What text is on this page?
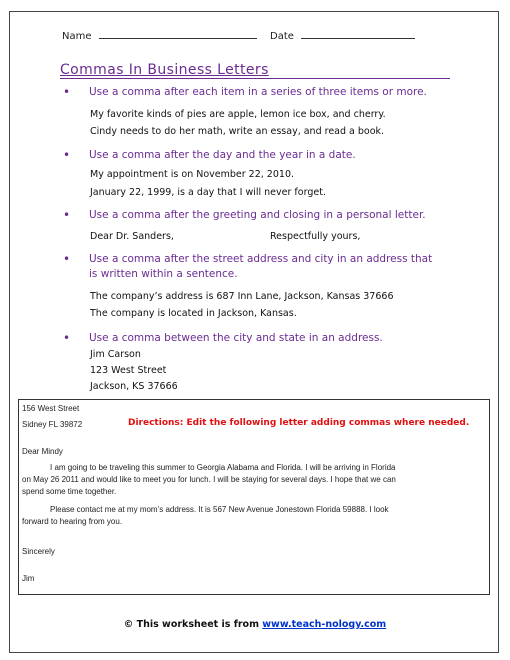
Name	Date
Commas In Business Letters
• Use a comma after each item in a series of three items or more.
My favorite kinds of pies are apple, lemon ice box, and cherry.
Cindy needs to do her math, write an essay, and read a book.
• Use a comma after the day and the year in a date.
My appointment is on November 22, 2010.
January 22, 1999, is a day that I will never forget.
• Use a comma after the greeting and closing in a personal letter.
Dear Dr. Sanders,	Respectfully yours,
• Use a comma after the street address and city in an address that
is written within a sentence.
The company’s address is 687 Inn Lane, Jackson, Kansas 37666
The company is located in Jackson, Kansas.
• Use a comma between the city and state in an address.
Jim Carson
123 West Street
Jackson, KS 37666
156 West Street
Sidney FL 39872	Directions: Edit the following letter adding commas where needed.
Dear Mindy
I am going to be traveling this summer to Georgia Alabama and Florida. I will be arriving in Florida
on May 26 2011 and would like to meet you for lunch. I will be staying for several days. I hope that we can
spend some time together.
Please contact me at my mom’s address. It is 567 New Avenue Jonestown Florida 59888. I look
forward to hearing from you.
Sincerely
Jim
© This worksheet is from www.teach-nology.com
